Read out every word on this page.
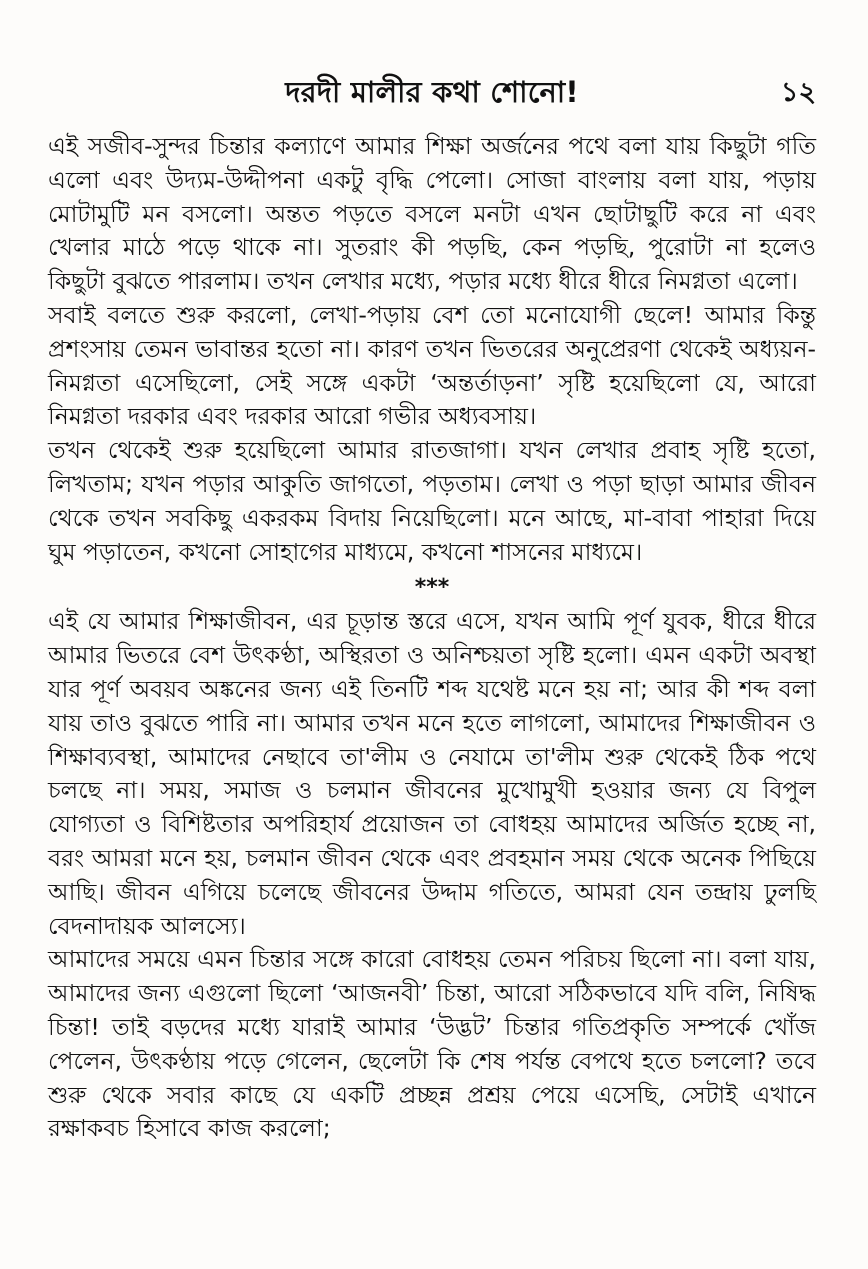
দরদী মালীর কথা শোনো!	১২

এই সজীব-সুন্দর চিন্তার কল্যাণে আমার শিক্ষা অর্জনের পথে বলা যায় কিছুটা গতি এলো এবং উদ্যম-উদ্দীপনা একটু বৃদ্ধি পেলো। সোজা বাংলায় বলা যায়, পড়ায় মোটামুটি মন বসলো। অন্তত পড়তে বসলে মনটা এখন ছোটাছুটি করে না এবং খেলার মাঠে পড়ে থাকে না। সুতরাং কী পড়ছি, কেন পড়ছি, পুরোটা না হলেও কিছুটা বুঝতে পারলাম। তখন লেখার মধ্যে, পড়ার মধ্যে ধীরে ধীরে নিমগ্নতা এলো।

সবাই বলতে শুরু করলো, লেখা-পড়ায় বেশ তো মনোযোগী ছেলে! আমার কিন্তু প্রশংসায় তেমন ভাবান্তর হতো না। কারণ তখন ভিতরের অনুপ্রেরণা থেকেই অধ্যয়ন-নিমগ্নতা এসেছিলো, সেই সঙ্গে একটা ‘অন্তর্তাড়না’ সৃষ্টি হয়েছিলো যে, আরো নিমগ্নতা দরকার এবং দরকার আরো গভীর অধ্যবসায়।

তখন থেকেই শুরু হয়েছিলো আমার রাতজাগা। যখন লেখার প্রবাহ সৃষ্টি হতো, লিখতাম; যখন পড়ার আকুতি জাগতো, পড়তাম। লেখা ও পড়া ছাড়া আমার জীবন থেকে তখন সবকিছু একরকম বিদায় নিয়েছিলো। মনে আছে, মা-বাবা পাহারা দিয়ে ঘুম পড়াতেন, কখনো সোহাগের মাধ্যমে, কখনো শাসনের মাধ্যমে।

***

এই যে আমার শিক্ষাজীবন, এর চূড়ান্ত স্তরে এসে, যখন আমি পূর্ণ যুবক, ধীরে ধীরে আমার ভিতরে বেশ উৎকণ্ঠা, অস্থিরতা ও অনিশ্চয়তা সৃষ্টি হলো। এমন একটা অবস্থা যার পূর্ণ অবয়ব অঙ্কনের জন্য এই তিনটি শব্দ যথেষ্ট মনে হয় না; আর কী শব্দ বলা যায় তাও বুঝতে পারি না। আমার তখন মনে হতে লাগলো, আমাদের শিক্ষাজীবন ও শিক্ষাব্যবস্থা, আমাদের নেছাবে তা'লীম ও নেযামে তা'লীম শুরু থেকেই ঠিক পথে চলছে না। সময়, সমাজ ও চলমান জীবনের মুখোমুখী হওয়ার জন্য যে বিপুল যোগ্যতা ও বিশিষ্টতার অপরিহার্য প্রয়োজন তা বোধহয় আমাদের অর্জিত হচ্ছে না, বরং আমরা মনে হয়, চলমান জীবন থেকে এবং প্রবহমান সময় থেকে অনেক পিছিয়ে আছি। জীবন এগিয়ে চলেছে জীবনের উদ্দাম গতিতে, আমরা যেন তন্দ্রায় ঢুলছি বেদনাদায়ক আলস্যে।

আমাদের সময়ে এমন চিন্তার সঙ্গে কারো বোধহয় তেমন পরিচয় ছিলো না। বলা যায়, আমাদের জন্য এগুলো ছিলো ‘আজনবী’ চিন্তা, আরো সঠিকভাবে যদি বলি, নিষিদ্ধ চিন্তা! তাই বড়দের মধ্যে যারাই আমার ‘উদ্ভট’ চিন্তার গতিপ্রকৃতি সম্পর্কে খোঁজ পেলেন, উৎকণ্ঠায় পড়ে গেলেন, ছেলেটা কি শেষ পর্যন্ত বেপথে হতে চললো? তবে শুরু থেকে সবার কাছে যে একটি প্রচ্ছন্ন প্রশ্রয় পেয়ে এসেছি, সেটাই এখানে রক্ষাকবচ হিসাবে কাজ করলো;
